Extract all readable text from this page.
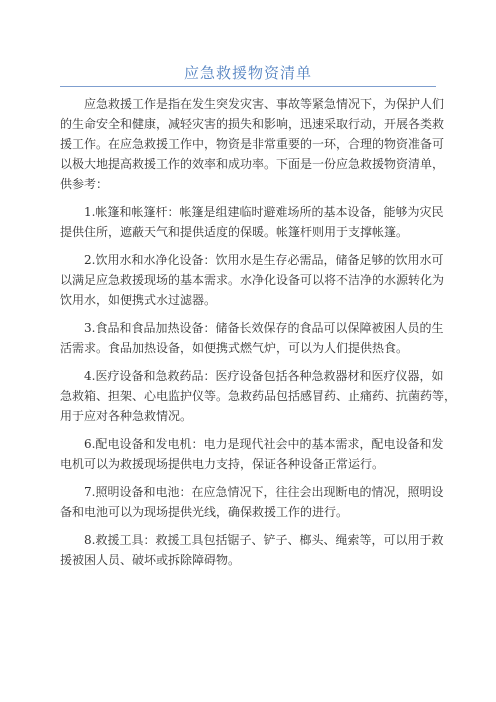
应急救援物资清单

应急救援工作是指在发生突发灾害、事故等紧急情况下，为保护人们
的生命安全和健康，减轻灾害的损失和影响，迅速采取行动，开展各类救
援工作。在应急救援工作中，物资是非常重要的一环，合理的物资准备可
以极大地提高救援工作的效率和成功率。下面是一份应急救援物资清单，
供参考：

1.帐篷和帐篷杆：帐篷是组建临时避难场所的基本设备，能够为灾民
提供住所，遮蔽天气和提供适度的保暖。帐篷杆则用于支撑帐篷。

2.饮用水和水净化设备：饮用水是生存必需品，储备足够的饮用水可
以满足应急救援现场的基本需求。水净化设备可以将不洁净的水源转化为
饮用水，如便携式水过滤器。

3.食品和食品加热设备：储备长效保存的食品可以保障被困人员的生
活需求。食品加热设备，如便携式燃气炉，可以为人们提供热食。

4.医疗设备和急救药品：医疗设备包括各种急救器材和医疗仪器，如
急救箱、担架、心电监护仪等。急救药品包括感冒药、止痛药、抗菌药等，
用于应对各种急救情况。

6.配电设备和发电机：电力是现代社会中的基本需求，配电设备和发
电机可以为救援现场提供电力支持，保证各种设备正常运行。

7.照明设备和电池：在应急情况下，往往会出现断电的情况，照明设
备和电池可以为现场提供光线，确保救援工作的进行。

8.救援工具：救援工具包括锯子、铲子、榔头、绳索等，可以用于救
援被困人员、破坏或拆除障碍物。
